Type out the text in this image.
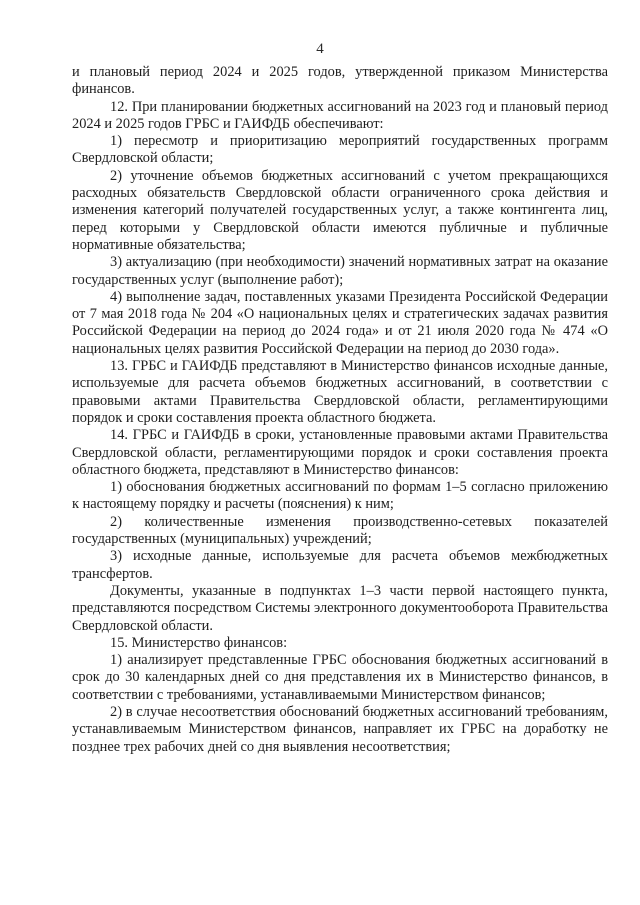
4

и плановый период 2024 и 2025 годов, утвержденной приказом Министерства финансов.

12. При планировании бюджетных ассигнований на 2023 год и плановый период 2024 и 2025 годов ГРБС и ГАИФДБ обеспечивают:

1) пересмотр и приоритизацию мероприятий государственных программ Свердловской области;

2) уточнение объемов бюджетных ассигнований с учетом прекращающихся расходных обязательств Свердловской области ограниченного срока действия и изменения категорий получателей государственных услуг, а также контингента лиц, перед которыми у Свердловской области имеются публичные и публичные нормативные обязательства;

3) актуализацию (при необходимости) значений нормативных затрат на оказание государственных услуг (выполнение работ);

4) выполнение задач, поставленных указами Президента Российской Федерации от 7 мая 2018 года № 204 «О национальных целях и стратегических задачах развития Российской Федерации на период до 2024 года» и от 21 июля 2020 года № 474 «О национальных целях развития Российской Федерации на период до 2030 года».

13. ГРБС и ГАИФДБ представляют в Министерство финансов исходные данные, используемые для расчета объемов бюджетных ассигнований, в соответствии с правовыми актами Правительства Свердловской области, регламентирующими порядок и сроки составления проекта областного бюджета.

14. ГРБС и ГАИФДБ в сроки, установленные правовыми актами Правительства Свердловской области, регламентирующими порядок и сроки составления проекта областного бюджета, представляют в Министерство финансов:

1) обоснования бюджетных ассигнований по формам 1–5 согласно приложению к настоящему порядку и расчеты (пояснения) к ним;

2) количественные изменения производственно-сетевых показателей государственных (муниципальных) учреждений;

3) исходные данные, используемые для расчета объемов межбюджетных трансфертов.

Документы, указанные в подпунктах 1–3 части первой настоящего пункта, представляются посредством Системы электронного документооборота Правительства Свердловской области.

15. Министерство финансов:

1) анализирует представленные ГРБС обоснования бюджетных ассигнований в срок до 30 календарных дней со дня представления их в Министерство финансов, в соответствии с требованиями, устанавливаемыми Министерством финансов;

2) в случае несоответствия обоснований бюджетных ассигнований требованиям, устанавливаемым Министерством финансов, направляет их ГРБС на доработку не позднее трех рабочих дней со дня выявления несоответствия;
